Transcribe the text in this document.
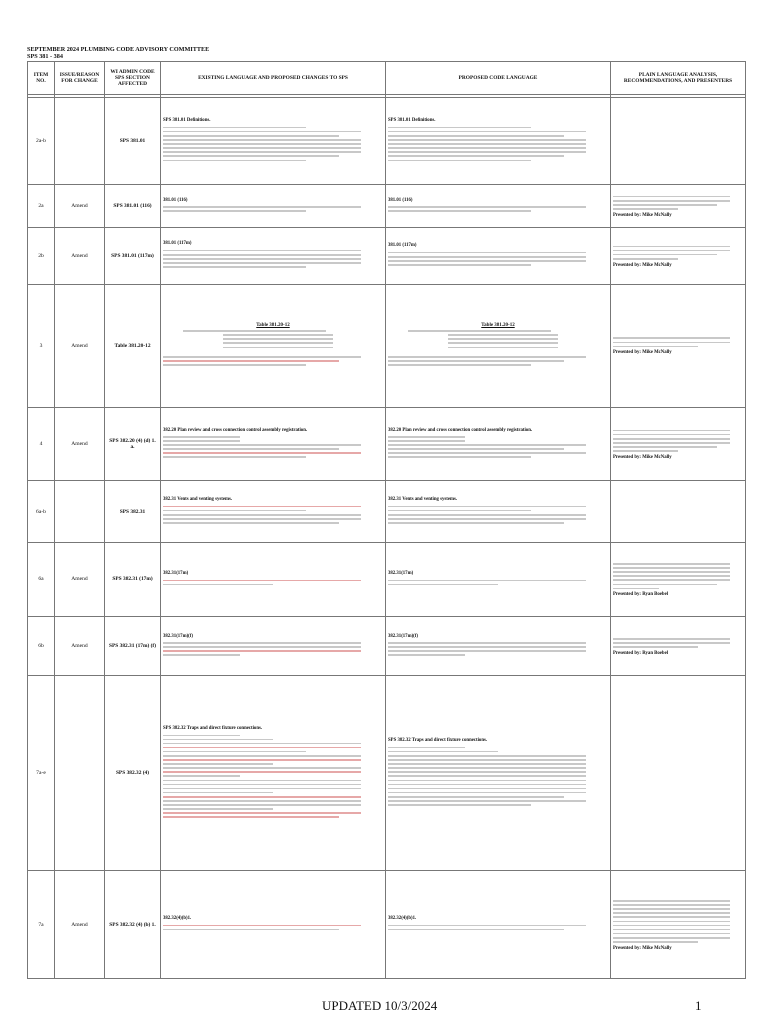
SEPTEMBER 2024 PLUMBING CODE ADVISORY COMMITTEE
SPS 381 - 384
ITEM NO.	ISSUE/REASON FOR CHANGE	WI ADMIN CODE SPS SECTION AFFECTED	EXISTING LANGUAGE AND PROPOSED CHANGES TO SPS	PROPOSED CODE LANGUAGE	PLAIN LANGUAGE ANALYSIS, RECOMMENDATIONS, AND PRESENTERS

2a-b		SPS 381.01	SPS 381.01 Definitions.	SPS 381.01 Definitions.	

2a	Amend	SPS 381.01 (116)	381.01 (116)	381.01 (116)	Presented by: Mike McNally

2b	Amend	SPS 381.01 (117m)	381.01 (117m)	381.01 (117m)	Presented by: Mike McNally

3	Amend	Table 381.20-12	Table 381.20-12	Table 381.20-12	Presented by: Mike McNally

4	Amend	SPS 382.20 (4) (d) 1. a.	382.20 Plan review and cross connection control assembly registration.	382.20 Plan review and cross connection control assembly registration.	Presented by: Mike McNally

6a-b		SPS 382.31	382.31 Vents and venting systems.	382.31 Vents and venting systems.	

6a	Amend	SPS 382.31 (17m)	382.31(17m)	382.31(17m)	Presented by: Ryan Boebel

6b	Amend	SPS 382.31 (17m) (f)	382.31(17m)(f)	382.31(17m)(f)	Presented by: Ryan Boebel

7a-e		SPS 382.32 (4)	SPS 382.32 Traps and direct fixture connections.	SPS 382.32 Traps and direct fixture connections.	

7a	Amend	SPS 382.32 (4) (b) 1.	382.32(4)(b)1.	382.32(4)(b)1.	Presented by: Mike McNally
UPDATED 10/3/2024	1
